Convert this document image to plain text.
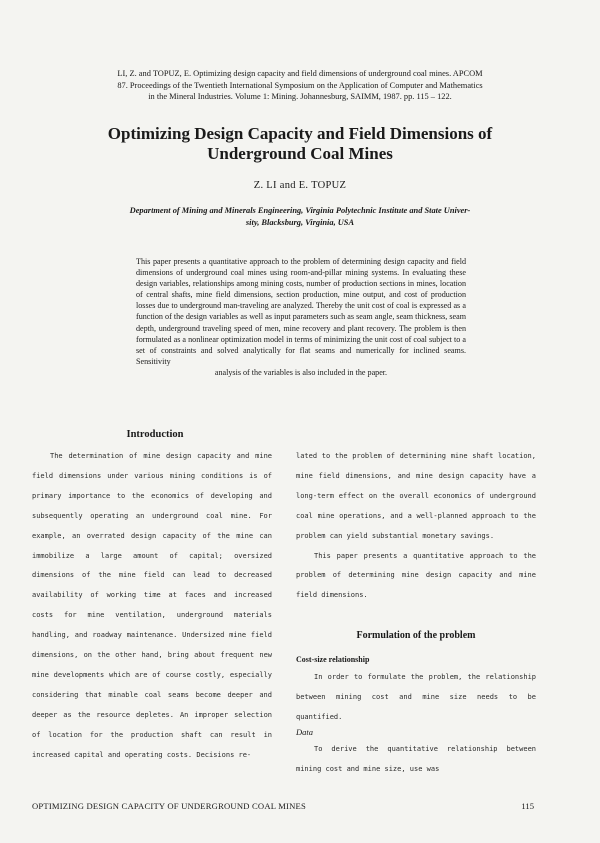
LI, Z. and TOPUZ, E. Optimizing design capacity and field dimensions of underground coal mines. APCOM
87. Proceedings of the Twentieth International Symposium on the Application of Computer and Mathematics
in the Mineral Industries. Volume 1: Mining. Johannesburg, SAIMM, 1987. pp. 115 – 122.
Optimizing Design Capacity and Field Dimensions of
Underground Coal Mines
Z. LI and E. TOPUZ
Department of Mining and Minerals Engineering, Virginia Polytechnic Institute and State Univer-
sity, Blacksburg, Virginia, USA
This paper presents a quantitative approach to the problem of determining design capacity and field dimensions of underground coal mines using room-and-pillar mining systems. In evaluating these design variables, relationships among mining costs, number of production sections in mines, location of central shafts, mine field dimensions, section production, mine output, and cost of production losses due to underground man-traveling are analyzed. Thereby the unit cost of coal is expressed as a function of the design variables as well as input parameters such as seam angle, seam thickness, seam depth, underground traveling speed of men, mine recovery and plant recovery. The problem is then formulated as a nonlinear optimization model in terms of minimizing the unit cost of coal subject to a set of constraints and solved analytically for flat seams and numerically for inclined seams. Sensitivity
analysis of the variables is also included in the paper.
Introduction

The determination of mine design capacity and mine field dimensions under various mining conditions is of primary importance to the economics of developing and subsequently operating an underground coal mine. For example, an overrated design capacity of the mine can immobilize a large amount of capital; oversized dimensions of the mine field can lead to decreased availability of working time at faces and increased costs for mine ventilation, underground materials handling, and roadway maintenance. Undersized mine field dimensions, on the other hand, bring about frequent new mine developments which are of course costly, especially considering that minable coal seams become deeper and deeper as the resource depletes. An improper selection of location for the production shaft can result in increased capital and operating costs. Decisions re-

lated to the problem of determining mine shaft location, mine field dimensions, and mine design capacity have a long-term effect on the overall economics of underground coal mine operations, and a well-planned approach to the problem can yield substantial monetary savings.

This paper presents a quantitative approach to the problem of determining mine design capacity and mine field dimensions.

Formulation of the problem
Cost-size relationship

In order to formulate the problem, the relationship between mining cost and mine size needs to be quantified.

Data

To derive the quantitative relationship between mining cost and mine size, use was

OPTIMIZING DESIGN CAPACITY OF UNDERGROUND COAL MINES	115
